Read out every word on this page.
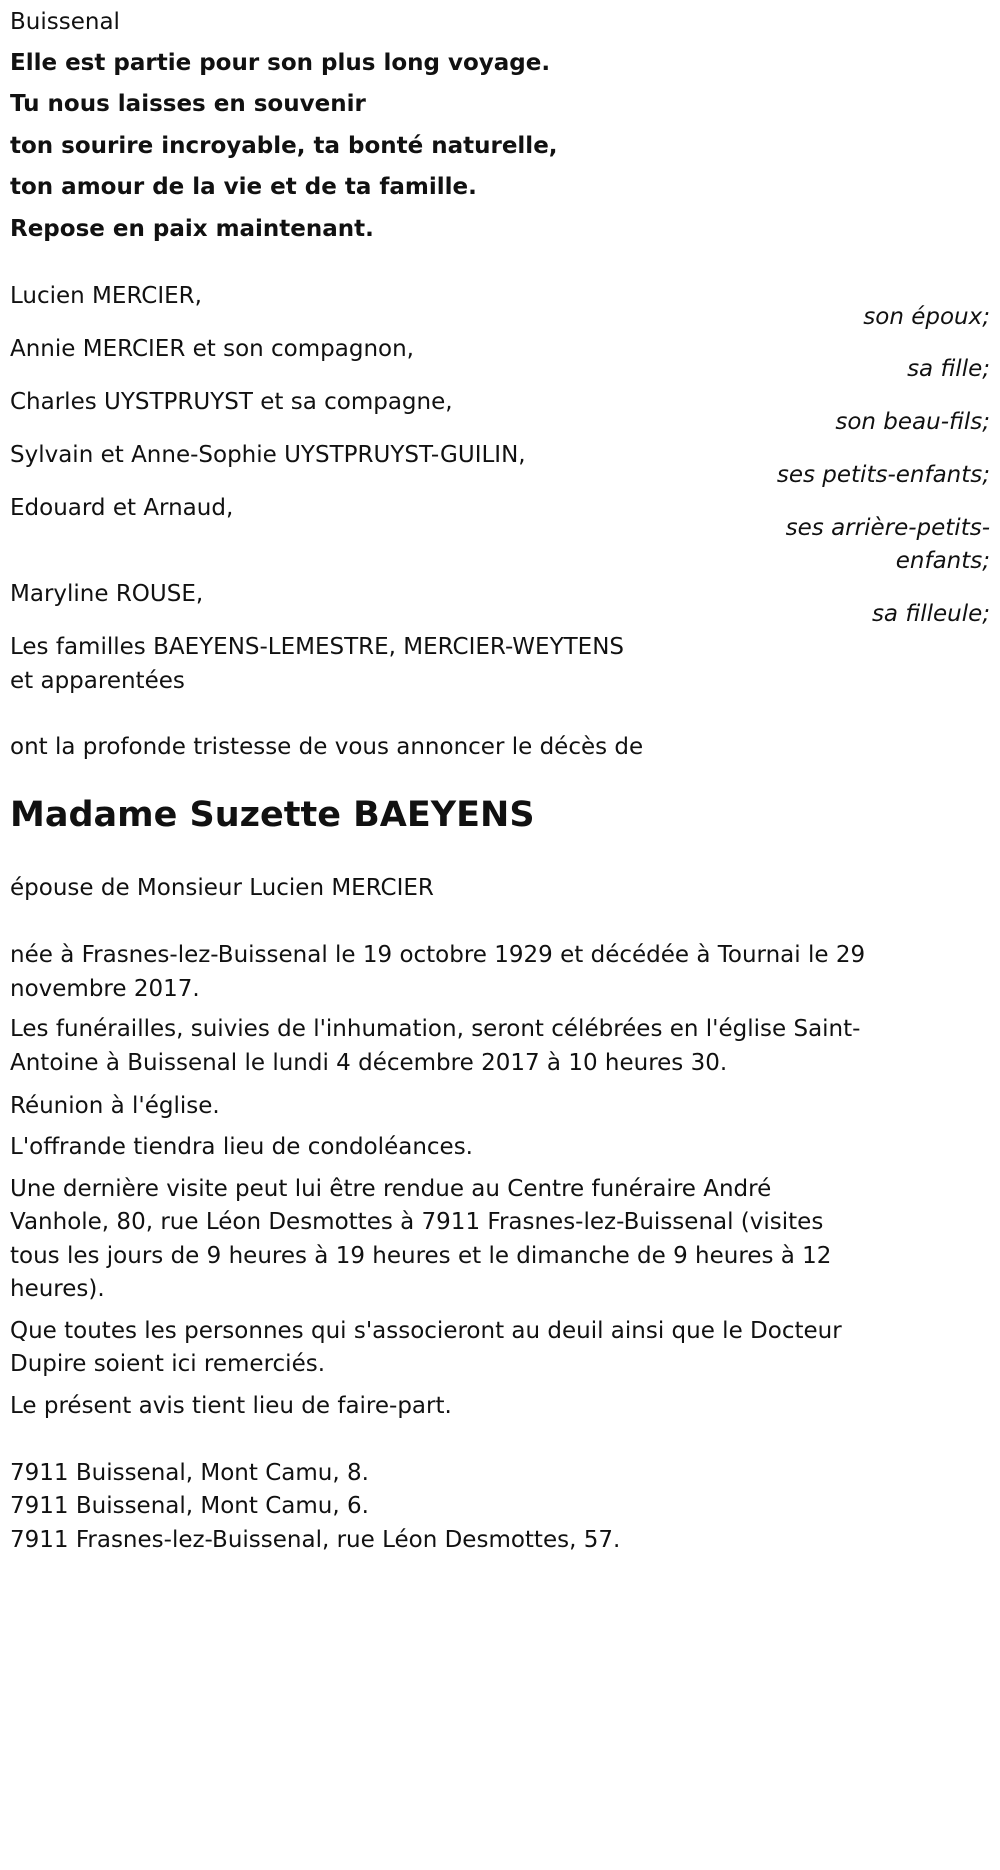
Buissenal
Elle est partie pour son plus long voyage.
Tu nous laisses en souvenir
ton sourire incroyable, ta bonté naturelle,
ton amour de la vie et de ta famille.
Repose en paix maintenant.
Lucien MERCIER,
son époux;
Annie MERCIER et son compagnon,
sa fille;
Charles UYSTPRUYST et sa compagne,
son beau-fils;
Sylvain et Anne-Sophie UYSTPRUYST-GUILIN,
ses petits-enfants;
Edouard et Arnaud,
ses arrière-petits-
enfants;
Maryline ROUSE,
sa filleule;
Les familles BAEYENS-LEMESTRE, MERCIER-WEYTENS
et apparentées
ont la profonde tristesse de vous annoncer le décès de
Madame Suzette BAEYENS
épouse de Monsieur Lucien MERCIER
née à Frasnes-lez-Buissenal le 19 octobre 1929 et décédée à Tournai le 29
novembre 2017.
Les funérailles, suivies de l'inhumation, seront célébrées en l'église Saint-
Antoine à Buissenal le lundi 4 décembre 2017 à 10 heures 30.
Réunion à l'église.
L'offrande tiendra lieu de condoléances.
Une dernière visite peut lui être rendue au Centre funéraire André
Vanhole, 80, rue Léon Desmottes à 7911 Frasnes-lez-Buissenal (visites
tous les jours de 9 heures à 19 heures et le dimanche de 9 heures à 12
heures).
Que toutes les personnes qui s'associeront au deuil ainsi que le Docteur
Dupire soient ici remerciés.
Le présent avis tient lieu de faire-part.
7911 Buissenal, Mont Camu, 8.
7911 Buissenal, Mont Camu, 6.
7911 Frasnes-lez-Buissenal, rue Léon Desmottes, 57.
